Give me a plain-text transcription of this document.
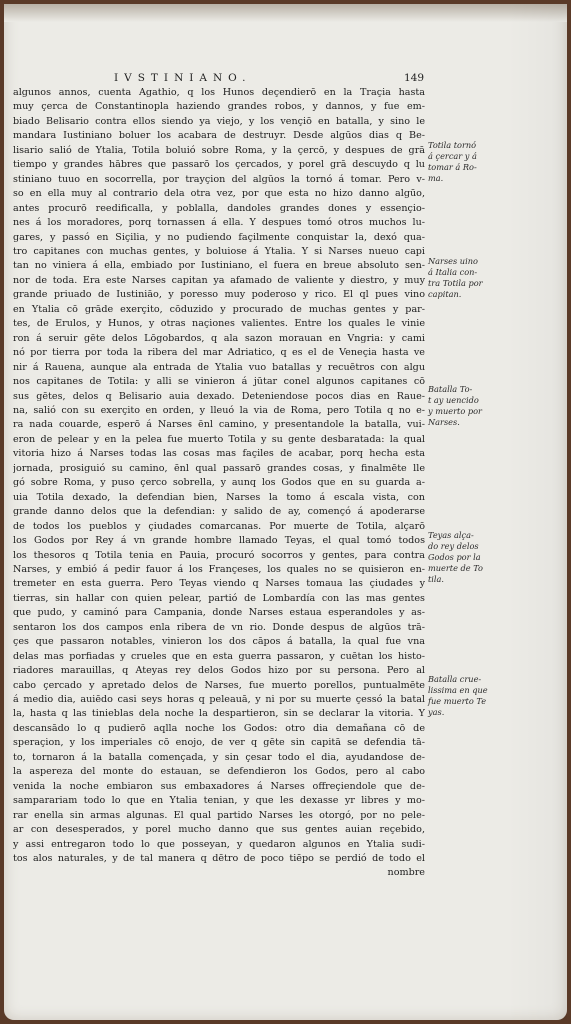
IVSTINIANO.	149
algunos annos, cuenta Agathio, q los Hunos deçendierō en la Traçia hasta
muy çerca de Constantinopla haziendo grandes robos, y dannos, y fue em-
biado Belisario contra ellos siendo ya viejo, y los vençiō en batalla, y sino le
mandara Iustiniano boluer los acabara de destruyr. Desde algūos dias q Be-
lisario salió de Ytalia, Totila boluió sobre Roma, y la çercō, y despues de grā
tiempo y grandes hābres que passarō los çercados, y porel grā descuydo q lu
stiniano tuuo en socorrella, por trayçion del algūos la tornó á tomar. Pero v-
so en ella muy al contrario dela otra vez, por que esta no hizo danno algūo,
antes procurō reedificalla, y poblalla, dandoles grandes dones y essençio-
nes á los moradores, porq tornassen á ella. Y despues tomó otros muchos lu-
gares, y passó en Siçilia, y no pudiendo façilmente conquistar la, dexó qua-
tro capitanes con muchas gentes, y boluiose á Ytalia. Y si Narses nueuo capi
tan no viniera á ella, embiado por Iustiniano, el fuera en breue absoluto sen-
nor de toda. Era este Narses capitan ya afamado de valiente y diestro, y muy
grande priuado de Iustiniāo, y poresso muy poderoso y rico. El ql pues vino
en Ytalia cō grāde exerçito, cōduzido y procurado de muchas gentes y par-
tes, de Erulos, y Hunos, y otras naçiones valientes. Entre los quales le vinie
ron á seruir gēte delos Lōgobardos, q ala sazon morauan en Vngria: y cami
nó por tierra por toda la ribera del mar Adriatico, q es el de Veneçia hasta ve
nir á Rauena, aunque ala entrada de Ytalia vuo batallas y recuētros con algu
nos capitanes de Totila: y alli se vinieron á jūtar conel algunos capitanes cō
sus gētes, delos q Belisario auia dexado. Deteniendose pocos dias en Raue-
na, salió con su exerçito en orden, y lleuó la via de Roma, pero Totila q no e-
ra nada couarde, esperō á Narses ēnl camino, y presentandole la batalla, vui-
eron de pelear y en la pelea fue muerto Totila y su gente desbaratada: la qual
vitoria hizo á Narses todas las cosas mas façiles de acabar, porq hecha esta
jornada, prosiguió su camino, ēnl qual passarō grandes cosas, y finalmēte lle
gó sobre Roma, y puso çerco sobrella, y aunq los Godos que en su guarda a-
uia Totila dexado, la defendian bien, Narses la tomo á escala vista, con
grande danno delos que la defendian: y salido de ay, començó á apoderarse
de todos los pueblos y çiudades comarcanas. Por muerte de Totila, alçarō
los Godos por Rey á vn grande hombre llamado Teyas, el qual tomó todos
los thesoros q Totila tenia en Pauia, procuró socorros y gentes, para contra
Narses, y embió á pedir fauor á los Françeses, los quales no se quisieron en-
tremeter en esta guerra. Pero Teyas viendo q Narses tomaua las çiudades y
tierras, sin hallar con quien pelear, partió de Lombardía con las mas gentes
que pudo, y caminó para Campania, donde Narses estaua esperandoles y as-
sentaron los dos campos enla ribera de vn rio. Donde despus de algūos trā-
çes que passaron notables, vinieron los dos cāpos á batalla, la qual fue vna
delas mas porfiadas y crueles que en esta guerra passaron, y cuētan los histo-
riadores marauillas, q Ateyas rey delos Godos hizo por su persona. Pero al
cabo çercado y apretado delos de Narses, fue muerto porellos, puntualmēte
á medio dia, auiēdo casi seys horas q peleauā, y ni por su muerte çessó la batal
la, hasta q las tinieblas dela noche la despartieron, sin se declarar la vitoria. Y
descansādo lo q pudierō aqlla noche los Godos: otro dia demañana cō de
speraçion, y los imperiales cō enojo, de ver q gēte sin capitā se defendia tā-
to, tornaron á la batalla començada, y sin çesar todo el dia, ayudandose de-
la aspereza del monte do estauan, se defendieron los Godos, pero al cabo
venida la noche embiaron sus embaxadores á Narses offreçiendole que de-
samparariam todo lo que en Ytalia tenian, y que les dexasse yr libres y mo-
rar enella sin armas algunas. El qual partido Narses les otorgó, por no pele-
ar con desesperados, y porel mucho danno que sus gentes auian reçebido,
y assi entregaron todo lo que posseyan, y quedaron algunos en Ytalia sudi-
tos alos naturales, y de tal manera q dētro de poco tiēpo se perdió de todo el
nombre
Totila tornó
á çercar y á
tomar á Ro-
ma.
Narses uino
á Italia con-
tra Totila por
capitan.
Batalla To-
t ay uencido
y muerto por
Narses.
Teyas alça-
do rey delos
Godos por la
muerte de To
tila.
Batalla crue-
lissima en que
fue muerto Te
yas.
